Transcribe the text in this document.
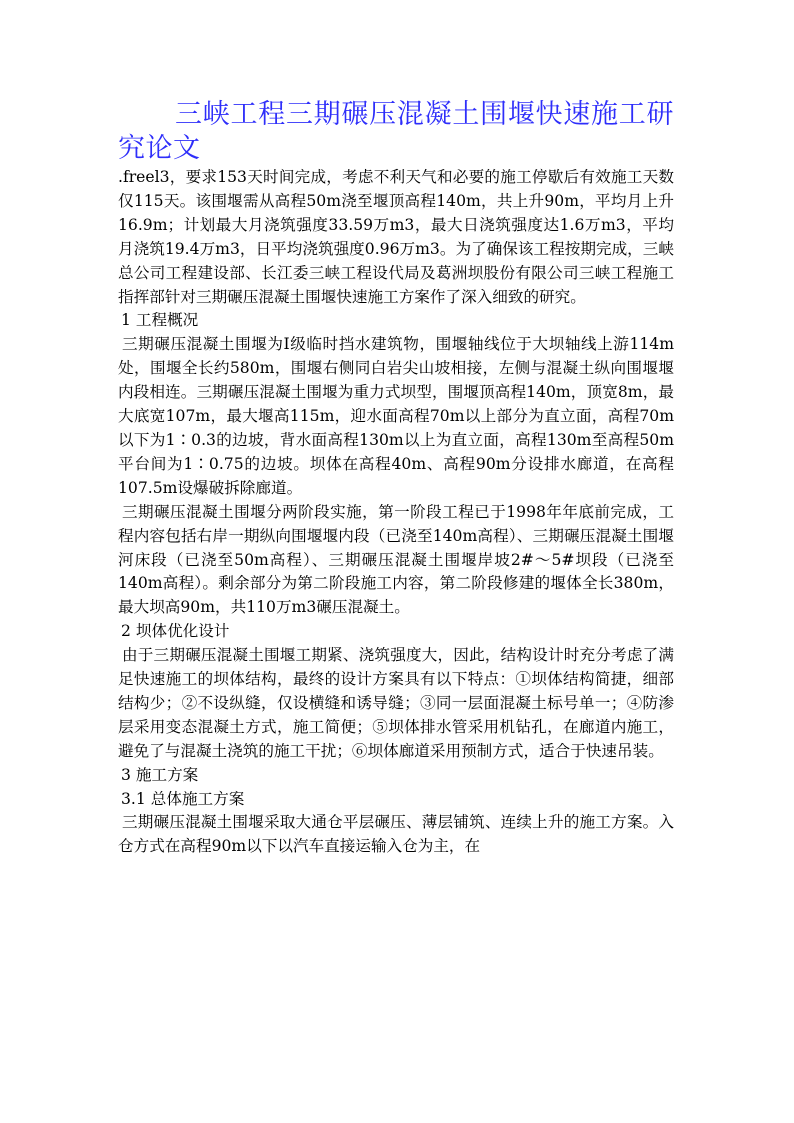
三峡工程三期碾压混凝土围堰快速施工研究论文

.freel3，要求153天时间完成，考虑不利天气和必要的施工停歇后有效施工天数仅115天。该围堰需从高程50m浇至堰顶高程140m，共上升90m，平均月上升16.9m；计划最大月浇筑强度33.59万m3，最大日浇筑强度达1.6万m3，平均月浇筑19.4万m3，日平均浇筑强度0.96万m3。为了确保该工程按期完成，三峡总公司工程建设部、长江委三峡工程设代局及葛洲坝股份有限公司三峡工程施工指挥部针对三期碾压混凝土围堰快速施工方案作了深入细致的研究。

1 工程概况

三期碾压混凝土围堰为Ⅰ级临时挡水建筑物，围堰轴线位于大坝轴线上游114m处，围堰全长约580m，围堰右侧同白岩尖山坡相接，左侧与混凝土纵向围堰堰内段相连。三期碾压混凝土围堰为重力式坝型，围堰顶高程140m，顶宽8m，最大底宽107m，最大堰高115m，迎水面高程70m以上部分为直立面，高程70m以下为1∶0.3的边坡，背水面高程130m以上为直立面，高程130m至高程50m平台间为1∶0.75的边坡。坝体在高程40m、高程90m分设排水廊道，在高程107.5m设爆破拆除廊道。

三期碾压混凝土围堰分两阶段实施，第一阶段工程已于1998年年底前完成，工程内容包括右岸一期纵向围堰堰内段（已浇至140m高程）、三期碾压混凝土围堰河床段（已浇至50m高程）、三期碾压混凝土围堰岸坡2#～5#坝段（已浇至140m高程）。剩余部分为第二阶段施工内容，第二阶段修建的堰体全长380m，最大坝高90m，共110万m3碾压混凝土。

2 坝体优化设计

由于三期碾压混凝土围堰工期紧、浇筑强度大，因此，结构设计时充分考虑了满足快速施工的坝体结构，最终的设计方案具有以下特点：①坝体结构简捷，细部结构少；②不设纵缝，仅设横缝和诱导缝；③同一层面混凝土标号单一；④防渗层采用变态混凝土方式，施工简便；⑤坝体排水管采用机钻孔，在廊道内施工，避免了与混凝土浇筑的施工干扰；⑥坝体廊道采用预制方式，适合于快速吊装。

3 施工方案

3.1 总体施工方案

三期碾压混凝土围堰采取大通仓平层碾压、薄层铺筑、连续上升的施工方案。入仓方式在高程90m以下以汽车直接运输入仓为主，在
